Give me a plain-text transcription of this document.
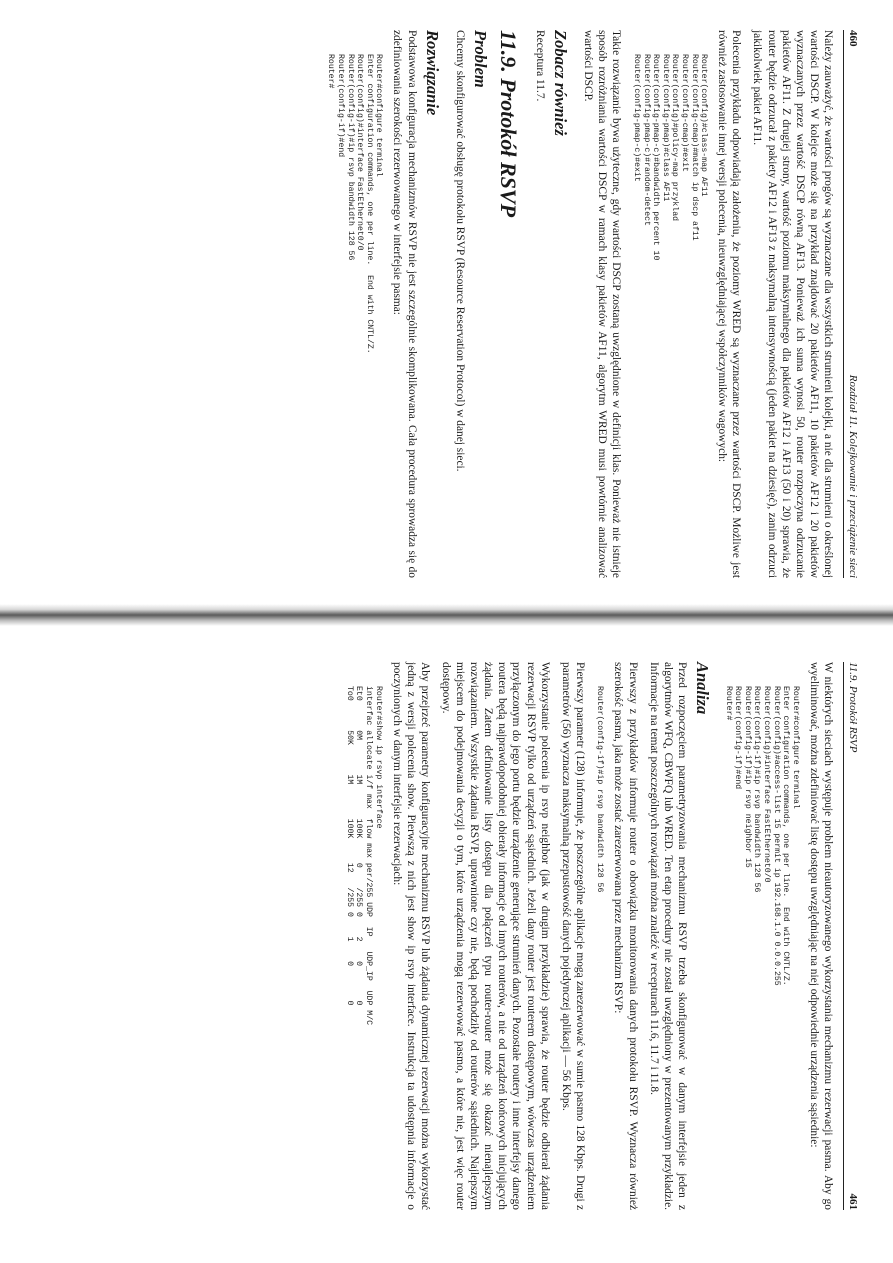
460
Rozdział 11. Kolejkowanie i przeciążenie sieci

Należy zauważyć, że wartości progów są wyznaczane dla wszystkich strumieni kolejki, a nie dla strumieni o określonej wartości DSCP. W kolejce może się na przykład znajdować 20 pakietów AF11, 10 pakietów AF12 i 20 pakietów wyznaczanych przez wartość DSCP równą AF13. Ponieważ ich suma wynosi 50, router rozpoczyna odrzucanie pakietów AF11. Z drugiej strony, wartość poziomu maksymalnego dla pakietów AF12 i AF13 (50 i 20) sprawia, że router będzie odrzucał z pakiety AF12 i AF13 z maksymalną intensywnością (jeden pakiet na dziesięć), zanim odrzuci jakikolwiek pakiet AF11.

Polecenia przykładu odpowiadają założeniu, że poziomy WRED są wyznaczane przez wartości DSCP. Możliwe jest również zastosowanie innej wersji polecenia, nieuwzględniającej współczynników wagowych:

Router(config)#class-map AF11
Router(config-cmap)#match ip dscp af11
Router(config-cmap)#exit
Router(config)#policy-map przyklad
Router(config-pmap)#class AF11
Router(config-pmap-c)#bandwidth percent 10
Router(config-pmap-c)#random-detect
Router(config-pmap-c)#exit

Takie rozwiązanie bywa użyteczne, gdy wartości DSCP zostaną uwzględnione w definicji klas. Ponieważ nie istnieje sposób rozróżniania wartości DSCP w ramach klasy pakietów AF11, algorytm WRED musi powtórnie analizować wartości DSCP.

Zobacz również

Receptura 11.7.

11.9. Protokół RSVP
Problem

Chcemy skonfigurować obsługę protokołu RSVP (Resource Reservation Protocol) w danej sieci.

Rozwiązanie

Podstawowa konfiguracja mechanizmów RSVP nie jest szczególnie skomplikowana. Cała procedura sprowadza się do zdefiniowania szerokości rezerwowanego w interfejsie pasma:

Router#configure terminal
Enter configuration commands, one per line.  End with CNTL/Z.
Router(config)#interface FastEthernet0/0
Router(config-if)#ip rsvp bandwidth 128 56
Router(config-if)#end
Router#
11.9. Protokół RSVP
461

W niektórych sieciach występuje problem nieautoryzowanego wykorzystania mechanizmu rezerwacji pasma. Aby go wyeliminować, można zdefiniować listę dostępu uwzględniając na niej odpowiednie urządzenia sąsiednie:

Router#configure terminal
Enter configuration commands, one per line.  End with CNTL/Z.
Router(config)#access-list 15 permit ip 192.168.1.0 0.0.0.255
Router(config)#interface FastEthernet0/0
Router(config-if)#ip rsvp bandwidth 128 56
Router(config-if)#ip rsvp neighbor 15
Router(config-if)#end
Router#
Analiza

Przed rozpoczęciem parametryzowania mechanizmu RSVP trzeba skonfigurować w danym interfejsie jeden z algorytmów WFQ, CBWFQ lub WRED. Ten etap procedury nie został uwzględniony w prezentowanym przykładzie. Informacje na temat poszczególnych rozwiązań można znaleźć w recepturach 11.6, 11.7 i 11.8.

Pierwszy z przykładów informuje router o obowiązku monitorowania danych protokołu RSVP. Wyznacza również szerokość pasma, jaka może zostać zarezerwowana przez mechanizm RSVP:

Router(config-if)#ip rsvp bandwidth 128 56

Pierwszy parametr (128) informuje, że poszczególne aplikacje mogą zarezerwować w sumie pasmo 128 Kbps. Drugi z parametrów (56) wyznacza maksymalną przepustowość danych pojedynczej aplikacji — 56 Kbps.

Wykorzystanie polecenia ip rsvp neighbor (jak w drugim przykładzie) sprawia, że router będzie odbierał żądania rezerwacji RSVP tylko od urządzeń sąsiednich. Jeżeli dany router jest routerem dostępowym, wówczas urządzeniem przyłączonym do jego portu będzie urządzenie generujące strumień danych. Pozostałe routery i inne interfejsy danego routera będą najprawdopodobniej obierały informacje od innych routerów, a nie od urządzeń końcowych inicjujących żądania. Zatem definiowanie listy dostępu dla połączeń typu router-router może się okazać nienajlepszym rozwiązaniem. Wszystkie żądania RSVP, uprawnione czy nie, będą pochodziły od routerów sąsiednich. Najlepszym miejscem do podejmowania decyzji o tym, które urządzenia mogą rezerwować pasmo, a które nie, jest więc router dostępowy.

Aby przejrzeć parametry konfiguracyjne mechanizmu RSVP lub żądania dynamicznej rezerwacji można wykorzystać jedną z wersji polecenia show. Pierwszą z nich jest show ip rsvp interface. Instrukcja ta udostępnia informacje o poczynionych w danym interfejsie rezerwacjach:

Router#show ip rsvp interface
interfac allocate i/f max  flow max per/255 UDP  IP   UDP_IP  UDP M/C
Et0      0M       1M       100K     0    /255 0    2    0       0
To0      50K      1M       100K     12   /255 0    1    0       0
